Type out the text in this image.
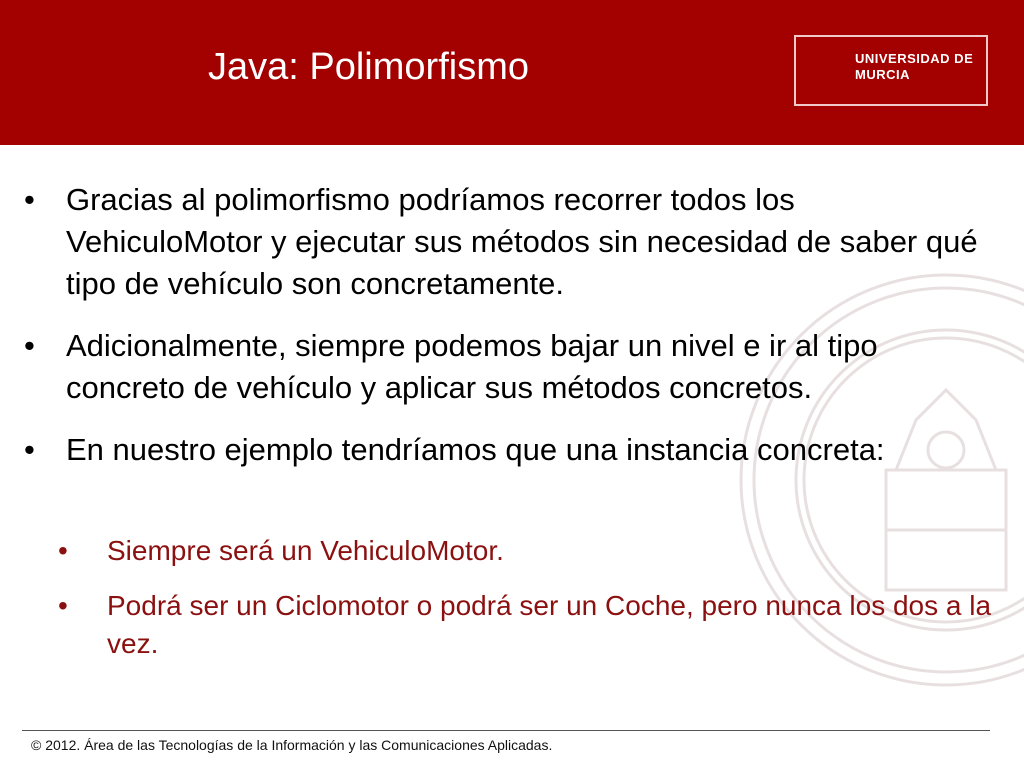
Java: Polimorfismo	UNIVERSIDAD DE
MURCIA
• Gracias al polimorfismo podríamos recorrer todos los VehiculoMotor y ejecutar sus métodos sin necesidad de saber qué tipo de vehículo son concretamente.
• Adicionalmente, siempre podemos bajar un nivel e ir al tipo concreto de vehículo y aplicar sus métodos concretos.
• En nuestro ejemplo tendríamos que una instancia concreta:
• Siempre será un VehiculoMotor.
• Podrá ser un Ciclomotor o podrá ser un Coche, pero nunca los dos a la vez.
© 2012. Área de las Tecnologías de la Información y las Comunicaciones Aplicadas.
